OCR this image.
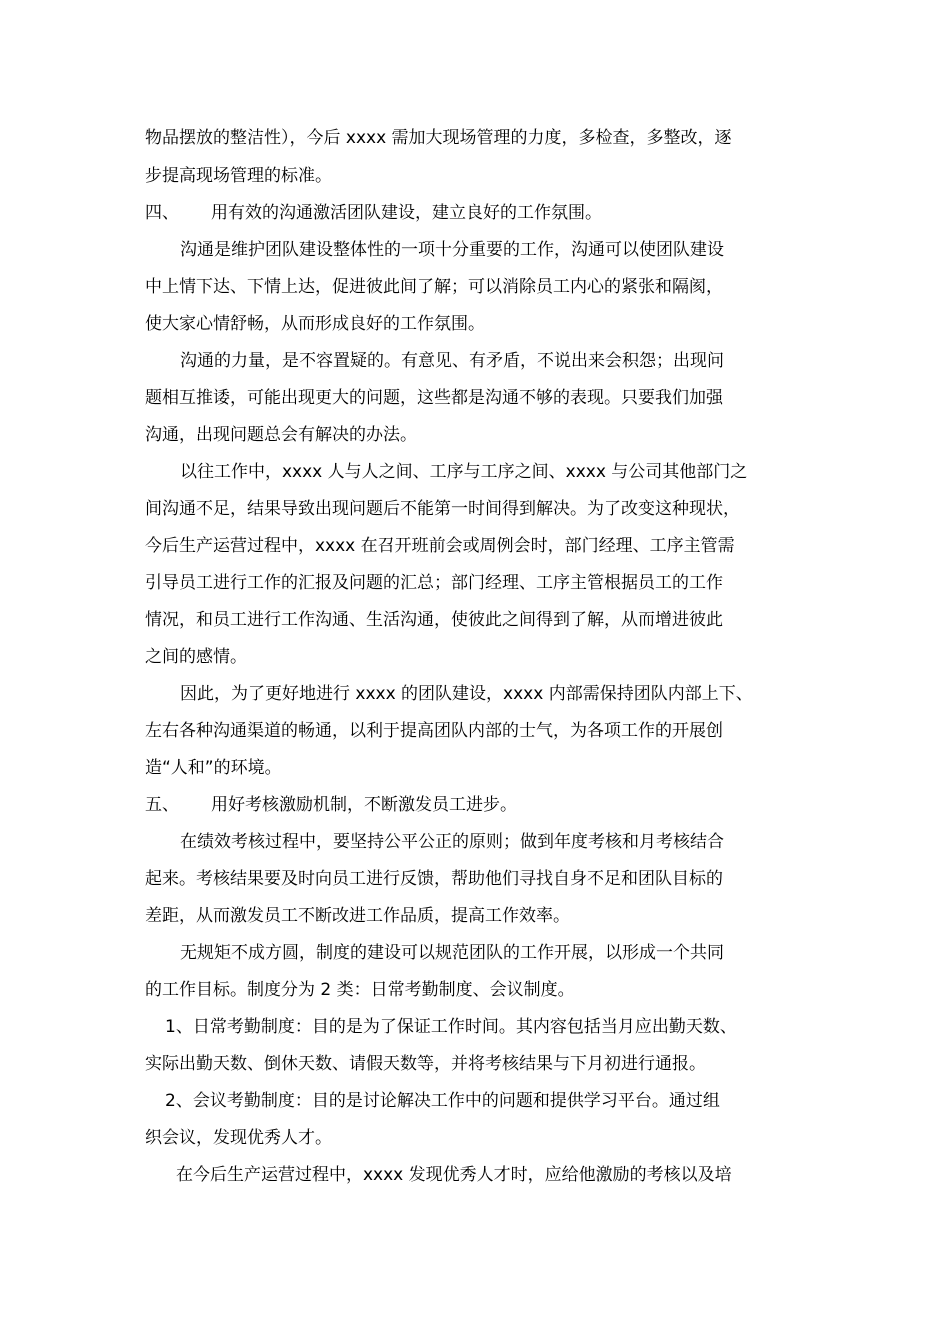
物品摆放的整洁性），今后 xxxx 需加大现场管理的力度，多检查，多整改，逐
步提高现场管理的标准。
四、 用有效的沟通激活团队建设，建立良好的工作氛围。
沟通是维护团队建设整体性的一项十分重要的工作，沟通可以使团队建设
中上情下达、下情上达，促进彼此间了解；可以消除员工内心的紧张和隔阂，
使大家心情舒畅，从而形成良好的工作氛围。
沟通的力量，是不容置疑的。有意见、有矛盾，不说出来会积怨；出现问
题相互推诿，可能出现更大的问题，这些都是沟通不够的表现。只要我们加强
沟通，出现问题总会有解决的办法。
以往工作中，xxxx 人与人之间、工序与工序之间、xxxx 与公司其他部门之
间沟通不足，结果导致出现问题后不能第一时间得到解决。为了改变这种现状，
今后生产运营过程中，xxxx 在召开班前会或周例会时，部门经理、工序主管需
引导员工进行工作的汇报及问题的汇总；部门经理、工序主管根据员工的工作
情况，和员工进行工作沟通、生活沟通，使彼此之间得到了解，从而增进彼此
之间的感情。
因此，为了更好地进行 xxxx 的团队建设，xxxx 内部需保持团队内部上下、
左右各种沟通渠道的畅通，以利于提高团队内部的士气，为各项工作的开展创
造“人和”的环境。
五、 用好考核激励机制，不断激发员工进步。
在绩效考核过程中，要坚持公平公正的原则；做到年度考核和月考核结合
起来。考核结果要及时向员工进行反馈，帮助他们寻找自身不足和团队目标的
差距，从而激发员工不断改进工作品质，提高工作效率。
无规矩不成方圆，制度的建设可以规范团队的工作开展，以形成一个共同
的工作目标。制度分为 2 类：日常考勤制度、会议制度。
1、日常考勤制度：目的是为了保证工作时间。其内容包括当月应出勤天数、
实际出勤天数、倒休天数、请假天数等，并将考核结果与下月初进行通报。
2、会议考勤制度：目的是讨论解决工作中的问题和提供学习平台。通过组
织会议，发现优秀人才。
在今后生产运营过程中，xxxx 发现优秀人才时，应给他激励的考核以及培
